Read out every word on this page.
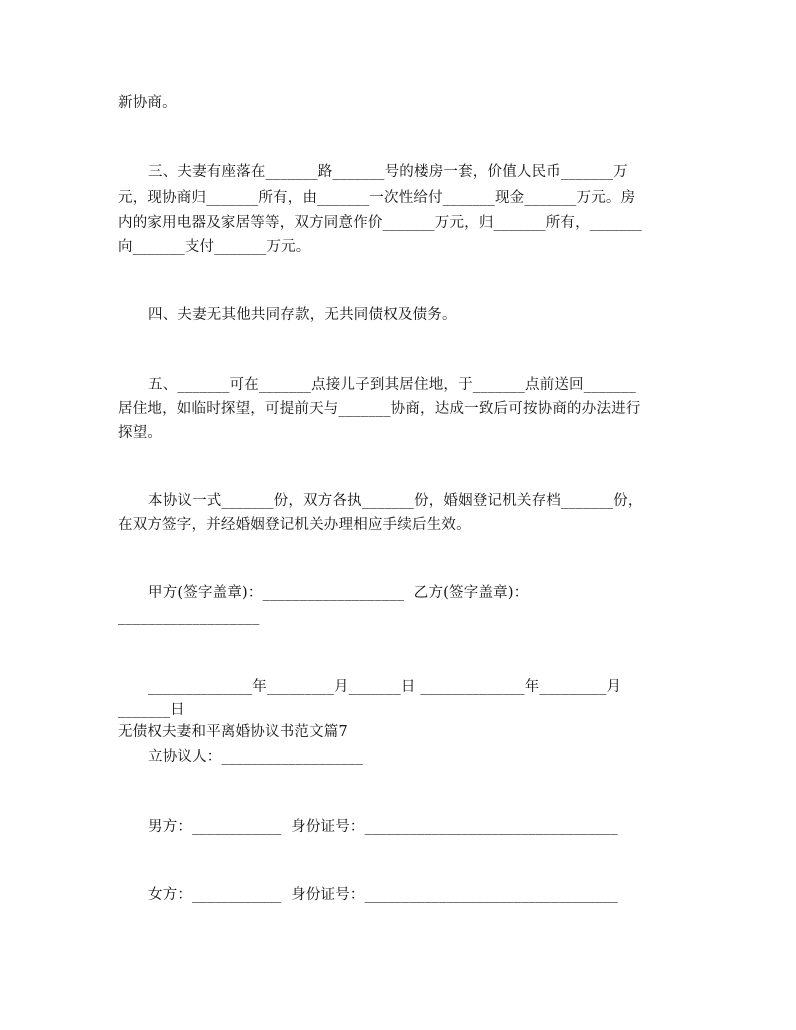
新协商。
三、夫妻有座落在_______路_______号的楼房一套，价值人民币_______万
元，现协商归_______所有，由_______一次性给付_______现金_______万元。房
内的家用电器及家居等等，双方同意作价_______万元，归_______所有，_______
向_______支付_______万元。
四、夫妻无其他共同存款，无共同债权及债务。
五、_______可在_______点接儿子到其居住地，于_______点前送回_______
居住地，如临时探望，可提前天与_______协商，达成一致后可按协商的办法进行
探望。
本协议一式_______份，双方各执_______份，婚姻登记机关存档_______份，
在双方签字，并经婚姻登记机关办理相应手续后生效。
甲方(签字盖章)：___________________  乙方(签字盖章)：
___________________
______________年_________月_______日 ______________年_________月
_______日
无债权夫妻和平离婚协议书范文篇7
立协议人：___________________
男方：____________  身份证号：__________________________________
女方：____________  身份证号：__________________________________
